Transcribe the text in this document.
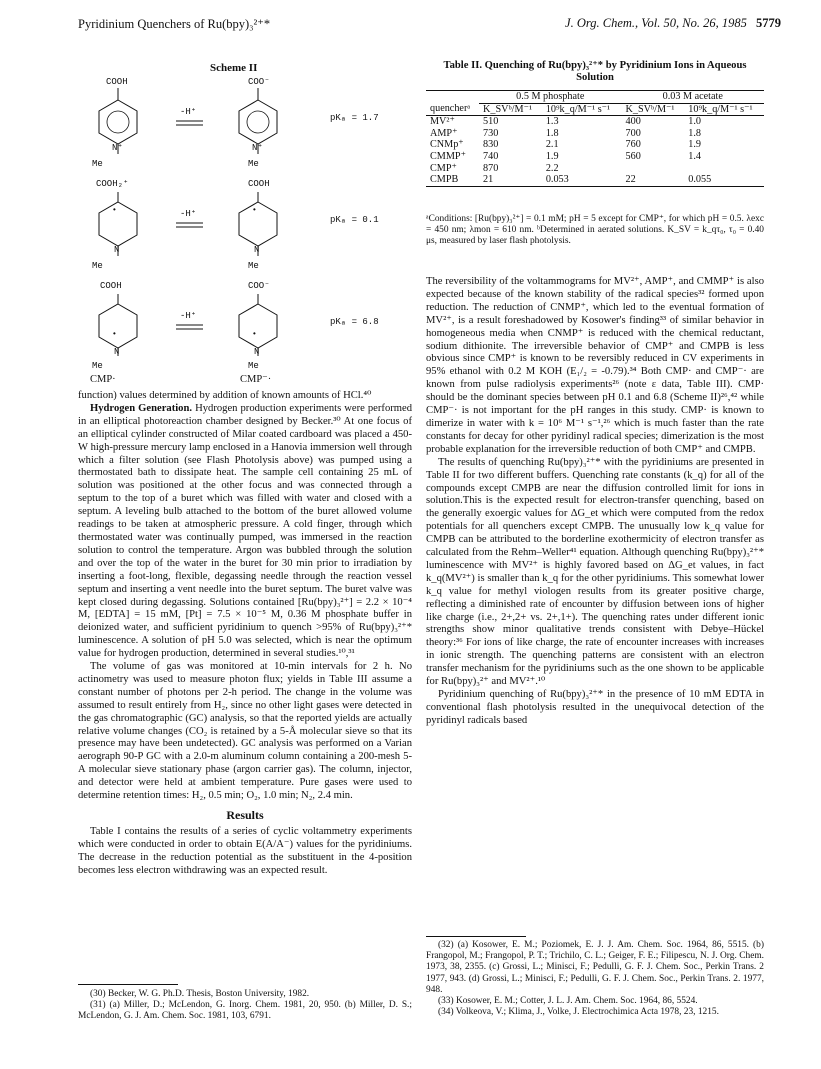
Pyridinium Quenchers of Ru(bpy)₃²⁺*	J. Org. Chem., Vol. 50, No. 26, 1985 5779
Scheme II
COOH
N⁺
Me
-H⁺
COO⁻
N⁺
Me
pKₐ = 1.7
•
COOH₂⁺
N
Me
-H⁺	•
COOH
N
Me
pKₐ = 0.1
•
COOH
N
Me
CMP·
-H⁺
•
COO⁻
N
Me
CMP⁻·
pKₐ = 6.8

function) values determined by addition of known amounts of HCl.⁴⁰

Hydrogen Generation. Hydrogen production experiments were performed in an elliptical photoreaction chamber designed by Becker.³⁰ At one focus of an elliptical cylinder constructed of Milar coated cardboard was placed a 450-W high-pressure mercury lamp enclosed in a Hanovia immersion well through which a filter solution (see Flash Photolysis above) was pumped using a thermostated bath to dissipate heat. The sample cell containing 25 mL of solution was positioned at the other focus and was connected through a septum to the top of a buret which was filled with water and closed with a septum. A leveling bulb attached to the bottom of the buret allowed volume readings to be taken at atmospheric pressure. A cold finger, through which thermostated water was continually pumped, was immersed in the reaction solution to control the temperature. Argon was bubbled through the solution and over the top of the water in the buret for 30 min prior to irradiation by inserting a foot-long, flexible, degassing needle through the reaction vessel septum and inserting a vent needle into the buret septum. The buret valve was kept closed during degassing. Solutions contained [Ru(bpy)₃²⁺] = 2.2 × 10⁻⁴ M, [EDTA] = 15 mM, [Pt] = 7.5 × 10⁻⁵ M, 0.36 M phosphate buffer in deionized water, and sufficient pyridinium to quench >95% of Ru(bpy)₃²⁺* luminescence. A solution of pH 5.0 was selected, which is near the optimum value for hydrogen production, determined in several studies.¹⁰,³¹

The volume of gas was monitored at 10-min intervals for 2 h. No actinometry was used to measure photon flux; yields in Table III assume a constant number of photons per 2-h period. The change in the volume was assumed to result entirely from H₂, since no other light gases were detected in the gas chromatographic (GC) analysis, so that the reported yields are actually relative volume changes (CO₂ is retained by a 5-Å molecular sieve so that its presence may have been undetected). GC analysis was performed on a Varian aerograph 90-P GC with a 2.0-m aluminum column containing a 200-mesh 5-A molecular sieve stationary phase (argon carrier gas). The column, injector, and detector were held at ambient temperature. Pure gases were used to determine retention times: H₂, 0.5 min; O₂, 1.0 min; N₂, 2.4 min.

Results

Table I contains the results of a series of cyclic voltammetry experiments which were conducted in order to obtain E(A/A⁻) values for the pyridiniums. The decrease in the reduction potential as the substituent in the 4-position becomes less electron withdrawing was an expected result.

(30) Becker, W. G. Ph.D. Thesis, Boston University, 1982.

(31) (a) Miller, D.; McLendon, G. Inorg. Chem. 1981, 20, 950. (b) Miller, D. S.; McLendon, G. J. Am. Chem. Soc. 1981, 103, 6791.

Table II. Quenching of Ru(bpy)₃²⁺* by Pyridinium Ions in Aqueous Solution
	0.5 M phosphate		0.03 M acetate	
quencherᵃ	K_SVᵇ/M⁻¹	10⁹k_q/M⁻¹ s⁻¹	K_SVᵇ/M⁻¹	10⁹k_q/M⁻¹ s⁻¹
MV²⁺	510	1.3	400	1.0
AMP⁺	730	1.8	700	1.8
CNMp⁺	830	2.1	760	1.9
CMMP⁺	740	1.9	560	1.4
CMP⁺	870	2.2		
CMPB	21	0.053	22	0.055
ᵃConditions: [Ru(bpy)₃²⁺] = 0.1 mM; pH = 5 except for CMP⁺, for which pH = 0.5. λexc = 450 nm; λmon = 610 nm. ᵇDetermined in aerated solutions. K_SV = k_qτ₀, τ₀ = 0.40 μs, measured by laser flash photolysis.

The reversibility of the voltammograms for MV²⁺, AMP⁺, and CMMP⁺ is also expected because of the known stability of the radical species³² formed upon reduction. The reduction of CNMP⁺, which led to the eventual formation of MV²⁺, is a result foreshadowed by Kosower's finding³³ of similar behavior in homogeneous media when CNMP⁺ is reduced with the chemical reductant, sodium dithionite. The irreversible behavior of CMP⁺ and CMPB is less obvious since CMP⁺ is known to be reversibly reduced in CV experiments in 95% ethanol with 0.2 M KOH (E₁/₂ = -0.79).³⁴ Both CMP· and CMP⁻· are known from pulse radiolysis experiments²⁶ (note ε data, Table III). CMP· should be the dominant species between pH 0.1 and 6.8 (Scheme II)²⁶,⁴² while CMP⁻· is not important for the pH ranges in this study. CMP· is known to dimerize in water with k = 10⁶ M⁻¹ s⁻¹,²⁶ which is much faster than the rate constants for decay for other pyridinyl radical species; dimerization is the most probable explanation for the irreversible reduction of both CMP⁺ and CMPB.

The results of quenching Ru(bpy)₃²⁺* with the pyridiniums are presented in Table II for two different buffers. Quenching rate constants (k_q) for all of the compounds except CMPB are near the diffusion controlled limit for ions in solution.This is the expected result for electron-transfer quenching, based on the generally exoergic values for ΔG_et which were computed from the redox potentials for all quenchers except CMPB. The unusually low k_q value for CMPB can be attributed to the borderline exothermicity of electron transfer as calculated from the Rehm–Weller⁴¹ equation. Although quenching Ru(bpy)₃²⁺* luminescence with MV²⁺ is highly favored based on ΔG_et values, in fact k_q(MV²⁺) is smaller than k_q for the other pyridiniums. This somewhat lower k_q value for methyl viologen results from its greater positive charge, reflecting a diminished rate of encounter by diffusion between ions of higher like charge (i.e., 2+,2+ vs. 2+,1+). The quenching rates under different ionic strengths show minor qualitative trends consistent with Debye–Hückel theory:³⁶ For ions of like charge, the rate of encounter increases with increases in ionic strength. The quenching patterns are consistent with an electron transfer mechanism for the pyridiniums such as the one shown to be applicable for Ru(bpy)₃²⁺ and MV²⁺.¹⁰

Pyridinium quenching of Ru(bpy)₃²⁺* in the presence of 10 mM EDTA in conventional flash photolysis resulted in the unequivocal detection of the pyridinyl radicals based

(32) (a) Kosower, E. M.; Poziomek, E. J. J. Am. Chem. Soc. 1964, 86, 5515. (b) Frangopol, M.; Frangopol, P. T.; Trichilo, C. L.; Geiger, F. E.; Filipescu, N. J. Org. Chem. 1973, 38, 2355. (c) Grossi, L.; Minisci, F.; Pedulli, G. F. J. Chem. Soc., Perkin Trans. 2 1977, 943. (d) Grossi, L.; Minisci, F.; Pedulli, G. F. J. Chem. Soc., Perkin Trans. 2. 1977, 948.

(33) Kosower, E. M.; Cotter, J. L. J. Am. Chem. Soc. 1964, 86, 5524.

(34) Volkeova, V.; Klima, J., Volke, J. Electrochimica Acta 1978, 23, 1215.
